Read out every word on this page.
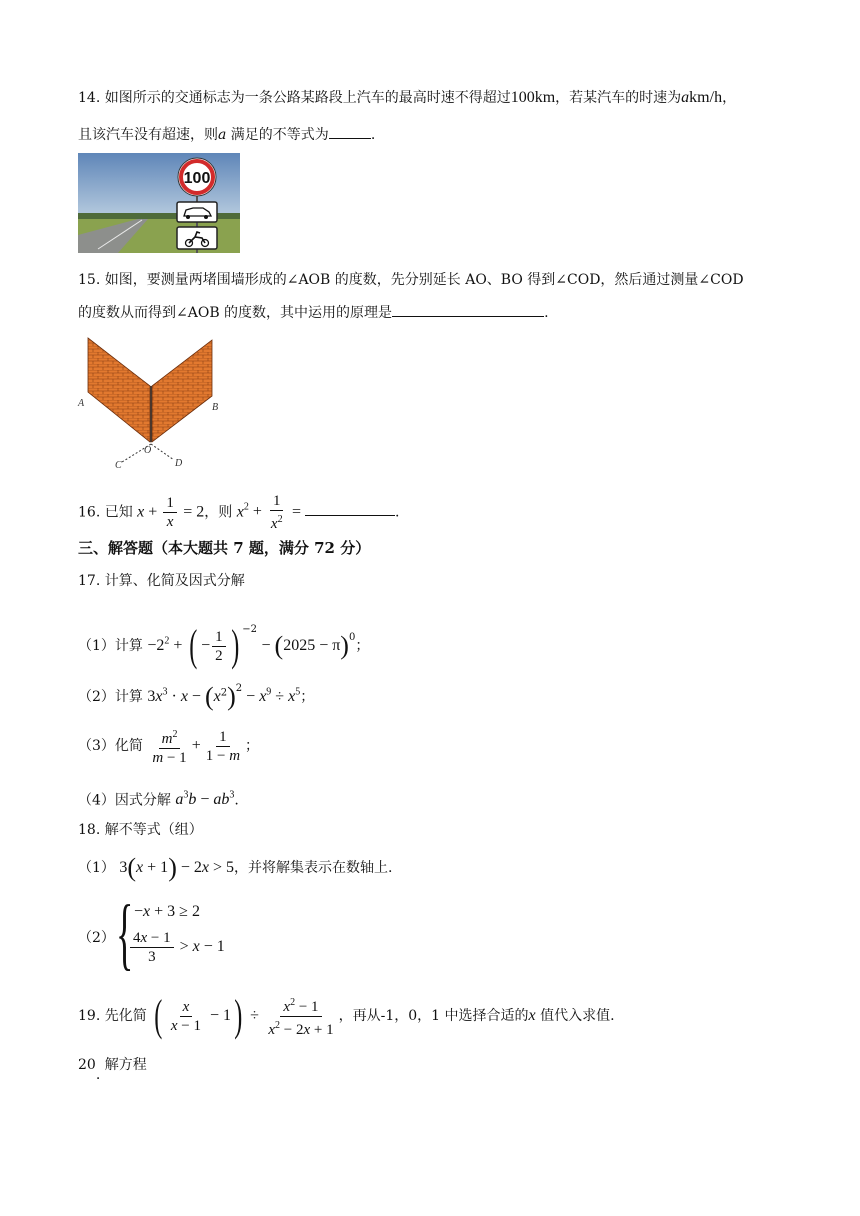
14. 如图所示的交通标志为一条公路某路段上汽车的最高时速不得超过100km，若某汽车的时速为akm/h，
且该汽车没有超速，则a 满足的不等式为	.
100
15. 如图，要测量两堵围墙形成的∠AOB 的度数，先分别延长 AO、BO 得到∠COD，然后通过测量∠COD
的度数从而得到∠AOB 的度数，其中运用的原理是	.
A	B
O
C	D
16. 已知 $x + \frac{1}{x} = 2$，则 $x^2 + \frac{1}{x^2}$ =	.
三、解答题（本大题共 7 题，满分 72 分）
17. 计算、化简及因式分解
（1）计算 $-2^2$ + ( − $\frac{1}{2}$ ) $^{-2} - (2025 - \pi)^0$；
（2）计算 $3x^3 \cdot x - (x^2)^2 - x^9 \div x^5$；
（3）化简 $\frac{m^2}{m - 1} + \frac{1}{1 - m}$ ；
（4）因式分解 $a^3b - ab^3$.
18. 解不等式（组）
（1） 3(x + 1) − 2x > 5，并将解集表示在数轴上.
（2） { −x + 3 ≥ 2
$\frac{4x - 1}{3} > x - 1$
19. 先化简 ( $\frac{x}{x - 1} - 1) \div \frac{x^2 - 1}{x^2 - 2x + 1}$ ，再从-1，0，1 中选择合适的x 值代入求值.
20. 解方程
